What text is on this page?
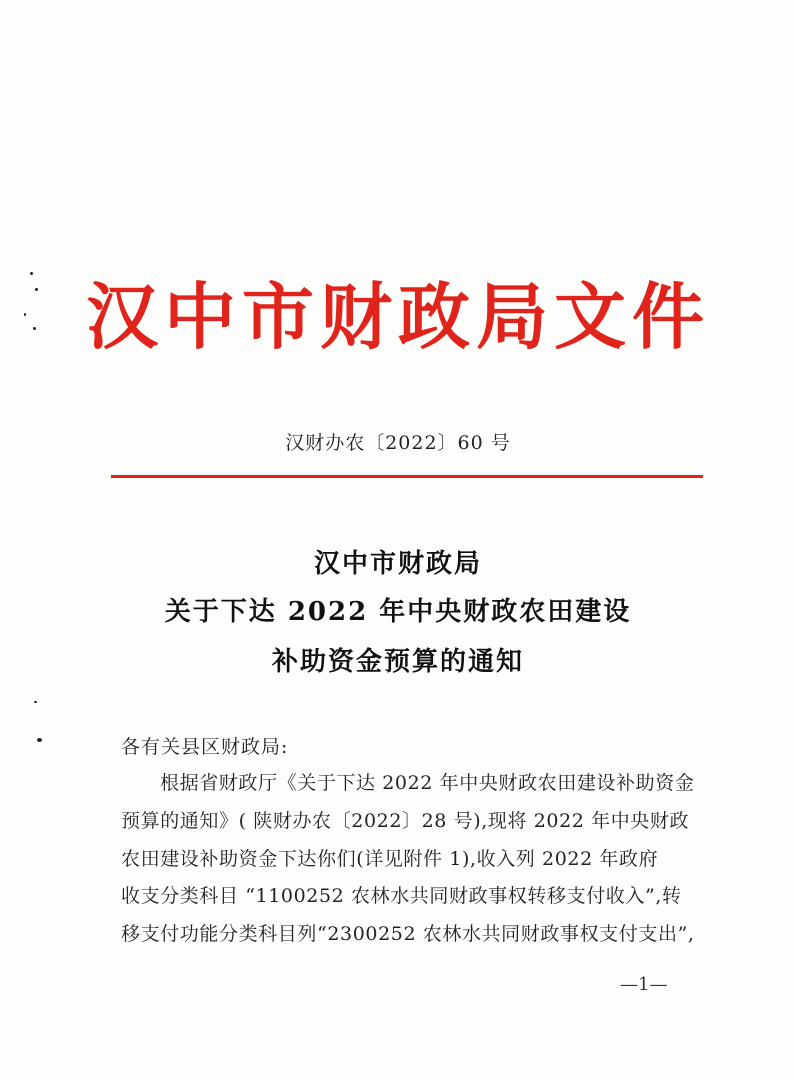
汉中市财政局文件
汉财办农〔2022〕60 号
汉中市财政局
关于下达 2022 年中央财政农田建设
补助资金预算的通知
各有关县区财政局:
根据省财政厅《关于下达 2022 年中央财政农田建设补助资金
预算的通知》( 陕财办农〔2022〕28 号),现将 2022 年中央财政
农田建设补助资金下达你们(详见附件 1),收入列 2022 年政府
收支分类科目 “1100252 农林水共同财政事权转移支付收入”,转
移支付功能分类科目列“2300252 农林水共同财政事权支付支出”,
—1—
